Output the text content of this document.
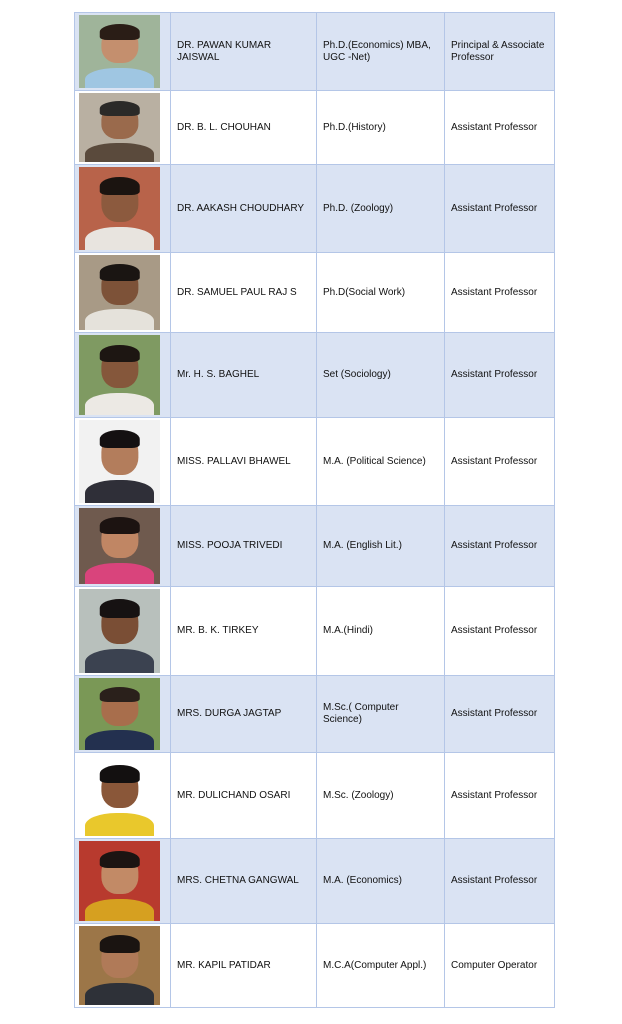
	DR. PAWAN KUMAR JAISWAL	Ph.D.(Economics) MBA, UGC -Net)	Principal & Associate Professor

	DR. B. L. CHOUHAN	Ph.D.(History)	Assistant Professor

	DR. AAKASH CHOUDHARY	Ph.D. (Zoology)	Assistant Professor

	DR. SAMUEL PAUL RAJ S	Ph.D(Social Work)	Assistant Professor

	Mr. H. S. BAGHEL	Set (Sociology)	Assistant Professor

	MISS. PALLAVI BHAWEL	M.A. (Political Science)	Assistant Professor

	MISS. POOJA TRIVEDI	M.A. (English Lit.)	Assistant Professor

	MR. B. K. TIRKEY	M.A.(Hindi)	Assistant Professor

	MRS. DURGA JAGTAP	M.Sc.( Computer Science)	Assistant Professor

	MR. DULICHAND OSARI	M.Sc. (Zoology)	Assistant Professor

	MRS. CHETNA GANGWAL	M.A. (Economics)	Assistant Professor

	MR. KAPIL PATIDAR	M.C.A(Computer Appl.)	Computer Operator
